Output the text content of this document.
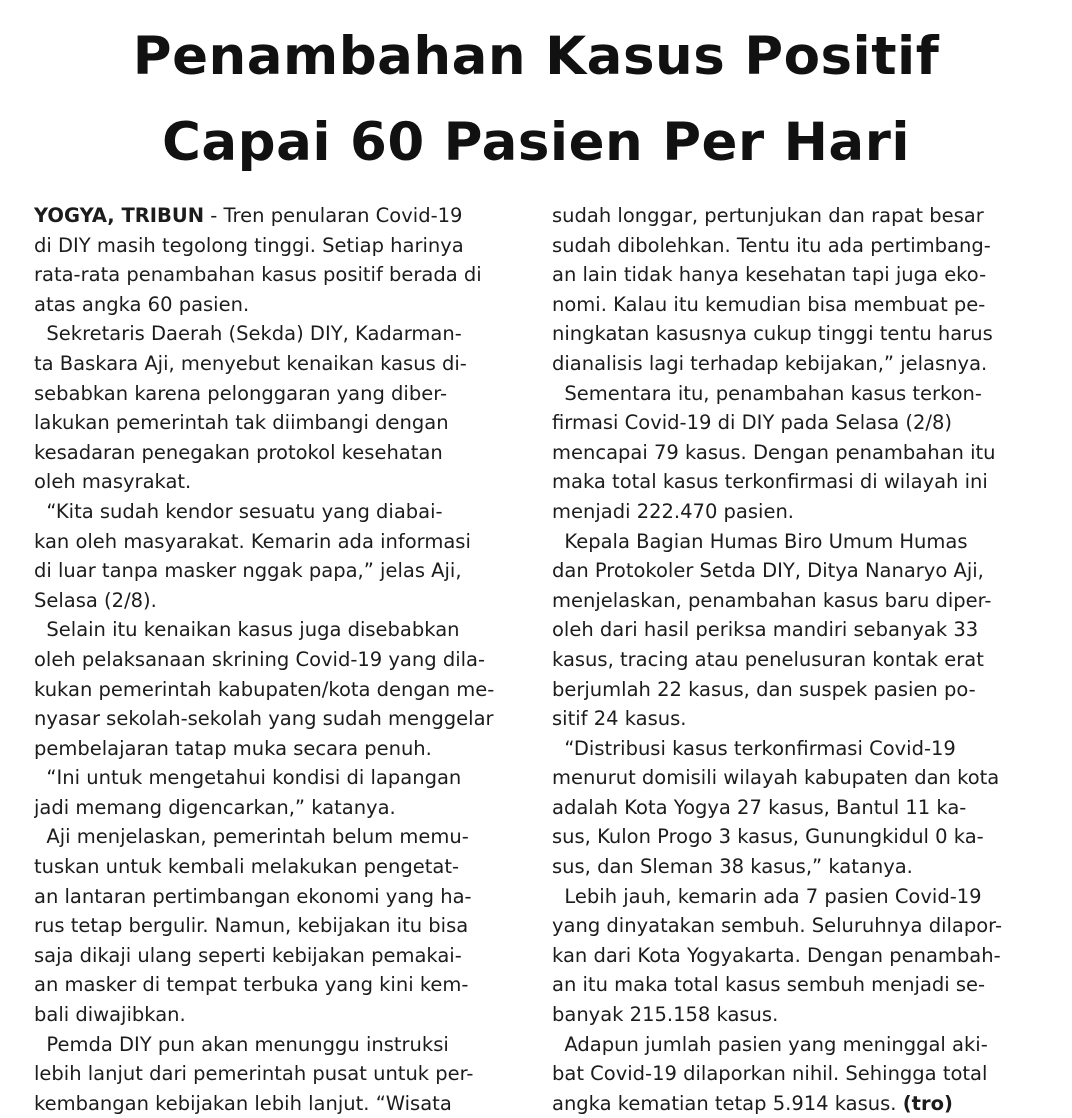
Penambahan Kasus Positif
Capai 60 Pasien Per Hari
YOGYA, TRIBUN - Tren penularan Covid-19
di DIY masih tegolong tinggi. Setiap harinya
rata-rata penambahan kasus positif berada di
atas angka 60 pasien.
Sekretaris Daerah (Sekda) DIY, Kadarman-
ta Baskara Aji, menyebut kenaikan kasus di-
sebabkan karena pelonggaran yang diber-
lakukan pemerintah tak diimbangi dengan
kesadaran penegakan protokol kesehatan
oleh masyrakat.
“Kita sudah kendor sesuatu yang diabai-
kan oleh masyarakat. Kemarin ada informasi
di luar tanpa masker nggak papa,” jelas Aji,
Selasa (2/8).
Selain itu kenaikan kasus juga disebabkan
oleh pelaksanaan skrining Covid-19 yang dila-
kukan pemerintah kabupaten/kota dengan me-
nyasar sekolah-sekolah yang sudah menggelar
pembelajaran tatap muka secara penuh.
“Ini untuk mengetahui kondisi di lapangan
jadi memang digencarkan,” katanya.
Aji menjelaskan, pemerintah belum memu-
tuskan untuk kembali melakukan pengetat-
an lantaran pertimbangan ekonomi yang ha-
rus tetap bergulir. Namun, kebijakan itu bisa
saja dikaji ulang seperti kebijakan pemakai-
an masker di tempat terbuka yang kini kem-
bali diwajibkan.
Pemda DIY pun akan menunggu instruksi
lebih lanjut dari pemerintah pusat untuk per-
kembangan kebijakan lebih lanjut. “Wisata
sudah longgar, pertunjukan dan rapat besar
sudah dibolehkan. Tentu itu ada pertimbang-
an lain tidak hanya kesehatan tapi juga eko-
nomi. Kalau itu kemudian bisa membuat pe-
ningkatan kasusnya cukup tinggi tentu harus
dianalisis lagi terhadap kebijakan,” jelasnya.
Sementara itu, penambahan kasus terkon-
firmasi Covid-19 di DIY pada Selasa (2/8)
mencapai 79 kasus. Dengan penambahan itu
maka total kasus terkonfirmasi di wilayah ini
menjadi 222.470 pasien.
Kepala Bagian Humas Biro Umum Humas
dan Protokoler Setda DIY, Ditya Nanaryo Aji,
menjelaskan, penambahan kasus baru diper-
oleh dari hasil periksa mandiri sebanyak 33
kasus, tracing atau penelusuran kontak erat
berjumlah 22 kasus, dan suspek pasien po-
sitif 24 kasus.
“Distribusi kasus terkonfirmasi Covid-19
menurut domisili wilayah kabupaten dan kota
adalah Kota Yogya 27 kasus, Bantul 11 ka-
sus, Kulon Progo 3 kasus, Gunungkidul 0 ka-
sus, dan Sleman 38 kasus,” katanya.
Lebih jauh, kemarin ada 7 pasien Covid-19
yang dinyatakan sembuh. Seluruhnya dilapor-
kan dari Kota Yogyakarta. Dengan penambah-
an itu maka total kasus sembuh menjadi se-
banyak 215.158 kasus.
Adapun jumlah pasien yang meninggal aki-
bat Covid-19 dilaporkan nihil. Sehingga total
angka kematian tetap 5.914 kasus. (tro)
